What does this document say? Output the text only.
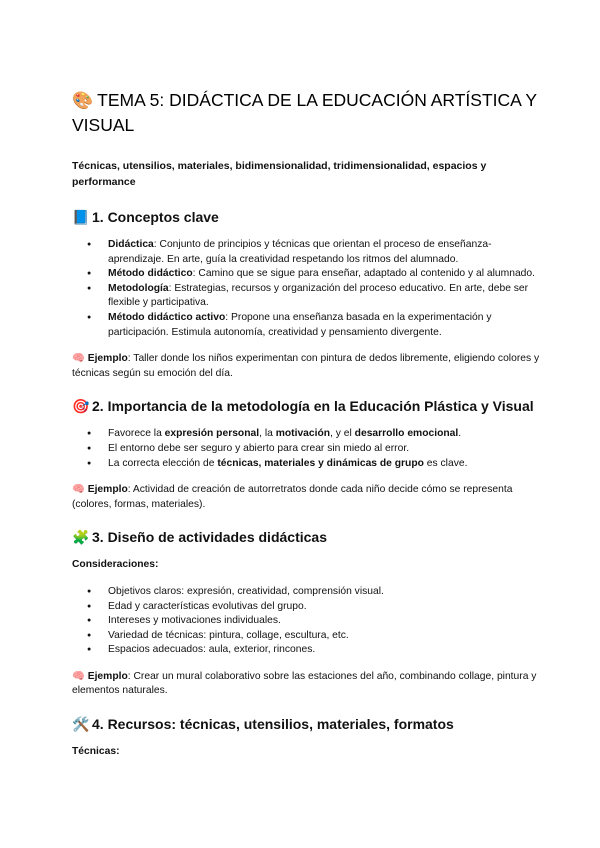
🎨 TEMA 5: DIDÁCTICA DE LA EDUCACIÓN ARTÍSTICA Y VISUAL
Técnicas, utensilios, materiales, bidimensionalidad, tridimensionalidad, espacios y performance
📘 1. Conceptos clave
● Didáctica: Conjunto de principios y técnicas que orientan el proceso de enseñanza-aprendizaje. En arte, guía la creatividad respetando los ritmos del alumnado.
● Método didáctico: Camino que se sigue para enseñar, adaptado al contenido y al alumnado.
● Metodología: Estrategias, recursos y organización del proceso educativo. En arte, debe ser flexible y participativa.
● Método didáctico activo: Propone una enseñanza basada en la experimentación y participación. Estimula autonomía, creatividad y pensamiento divergente.

🧠 Ejemplo: Taller donde los niños experimentan con pintura de dedos libremente, eligiendo colores y técnicas según su emoción del día.

🎯 2. Importancia de la metodología en la Educación Plástica y Visual
● Favorece la expresión personal, la motivación, y el desarrollo emocional.
● El entorno debe ser seguro y abierto para crear sin miedo al error.
● La correcta elección de técnicas, materiales y dinámicas de grupo es clave.

🧠 Ejemplo: Actividad de creación de autorretratos donde cada niño decide cómo se representa (colores, formas, materiales).

🧩 3. Diseño de actividades didácticas
Consideraciones:
● Objetivos claros: expresión, creatividad, comprensión visual.
● Edad y características evolutivas del grupo.
● Intereses y motivaciones individuales.
● Variedad de técnicas: pintura, collage, escultura, etc.
● Espacios adecuados: aula, exterior, rincones.

🧠 Ejemplo: Crear un mural colaborativo sobre las estaciones del año, combinando collage, pintura y elementos naturales.

🛠️ 4. Recursos: técnicas, utensilios, materiales, formatos
Técnicas:
